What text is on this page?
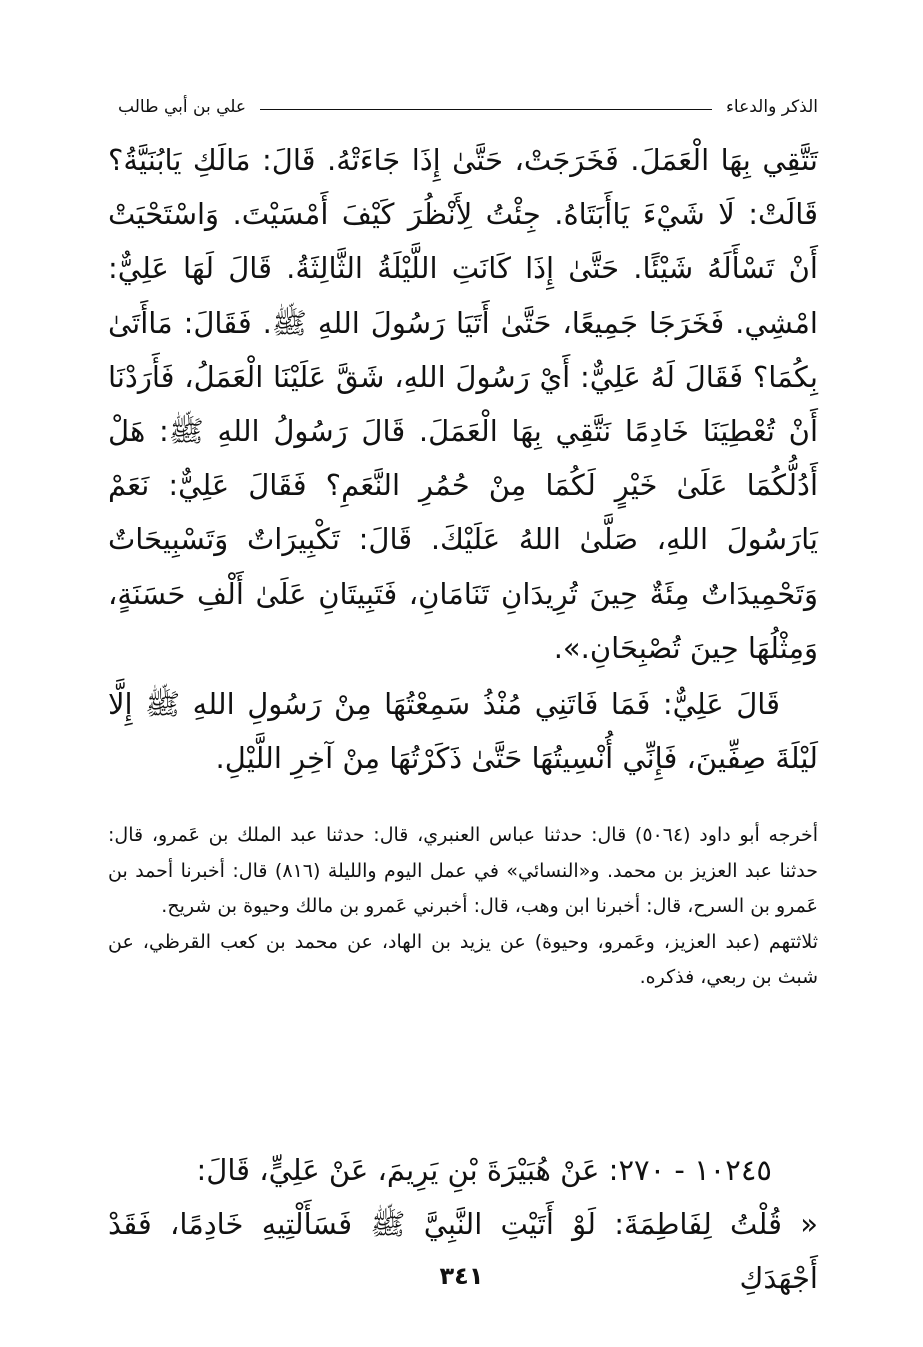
الذكر والدعاء
علي بن أبي طالب

تَتَّقِي بِهَا الْعَمَلَ. فَخَرَجَتْ، حَتَّىٰ إِذَا جَاءَتْهُ. قَالَ: مَالَكِ يَابُنَيَّةُ؟ قَالَتْ: لَا شَيْءَ يَاأَبَتَاهُ. جِئْتُ لِأَنْظُرَ كَيْفَ أَمْسَيْتَ. وَاسْتَحْيَتْ أَنْ تَسْأَلَهُ شَيْئًا. حَتَّىٰ إِذَا كَانَتِ اللَّيْلَةُ الثَّالِثَةُ. قَالَ لَهَا عَلِيٌّ: امْشِي. فَخَرَجَا جَمِيعًا، حَتَّىٰ أَتَيَا رَسُولَ اللهِ ﷺ. فَقَالَ: مَاأَتَىٰ بِكُمَا؟ فَقَالَ لَهُ عَلِيٌّ: أَيْ رَسُولَ اللهِ، شَقَّ عَلَيْنَا الْعَمَلُ، فَأَرَدْنَا أَنْ تُعْطِيَنَا خَادِمًا نَتَّقِي بِهَا الْعَمَلَ. قَالَ رَسُولُ اللهِ ﷺ: هَلْ أَدُلُّكُمَا عَلَىٰ خَيْرٍ لَكُمَا مِنْ حُمُرِ النَّعَمِ؟ فَقَالَ عَلِيٌّ: نَعَمْ يَارَسُولَ اللهِ، صَلَّىٰ اللهُ عَلَيْكَ. قَالَ: تَكْبِيرَاتٌ وَتَسْبِيحَاتٌ وَتَحْمِيدَاتٌ مِئَةٌ حِينَ تُرِيدَانِ تَنَامَانِ، فَتَبِيتَانِ عَلَىٰ أَلْفِ حَسَنَةٍ، وَمِثْلُهَا حِينَ تُصْبِحَانِ.».

قَالَ عَلِيٌّ: فَمَا فَاتَنِي مُنْذُ سَمِعْتُهَا مِنْ رَسُولِ اللهِ ﷺ إِلَّا لَيْلَةَ صِفِّينَ، فَإِنِّي أُنْسِيتُهَا حَتَّىٰ ذَكَرْتُهَا مِنْ آخِرِ اللَّيْلِ.

أخرجه أبو داود (٥٠٦٤) قال: حدثنا عباس العنبري، قال: حدثنا عبد الملك بن عَمرو، قال: حدثنا عبد العزيز بن محمد. و«النسائي» في عمل اليوم والليلة (٨١٦) قال: أخبرنا أحمد بن عَمرو بن السرح، قال: أخبرنا ابن وهب، قال: أخبرني عَمرو بن مالك وحيوة بن شريح.

ثلاثتهم (عبد العزيز، وعَمرو، وحيوة) عن يزيد بن الهاد، عن محمد بن كعب القرظي، عن شبث بن ربعي، فذكره.

١٠٢٤٥ - ٢٧٠: عَنْ هُبَيْرَةَ بْنِ يَرِيمَ، عَنْ عَلِيٍّ، قَالَ:

« قُلْتُ لِفَاطِمَةَ: لَوْ أَتَيْتِ النَّبِيَّ ﷺ فَسَأَلْتِيهِ خَادِمًا، فَقَدْ أَجْهَدَكِ

٣٤١
